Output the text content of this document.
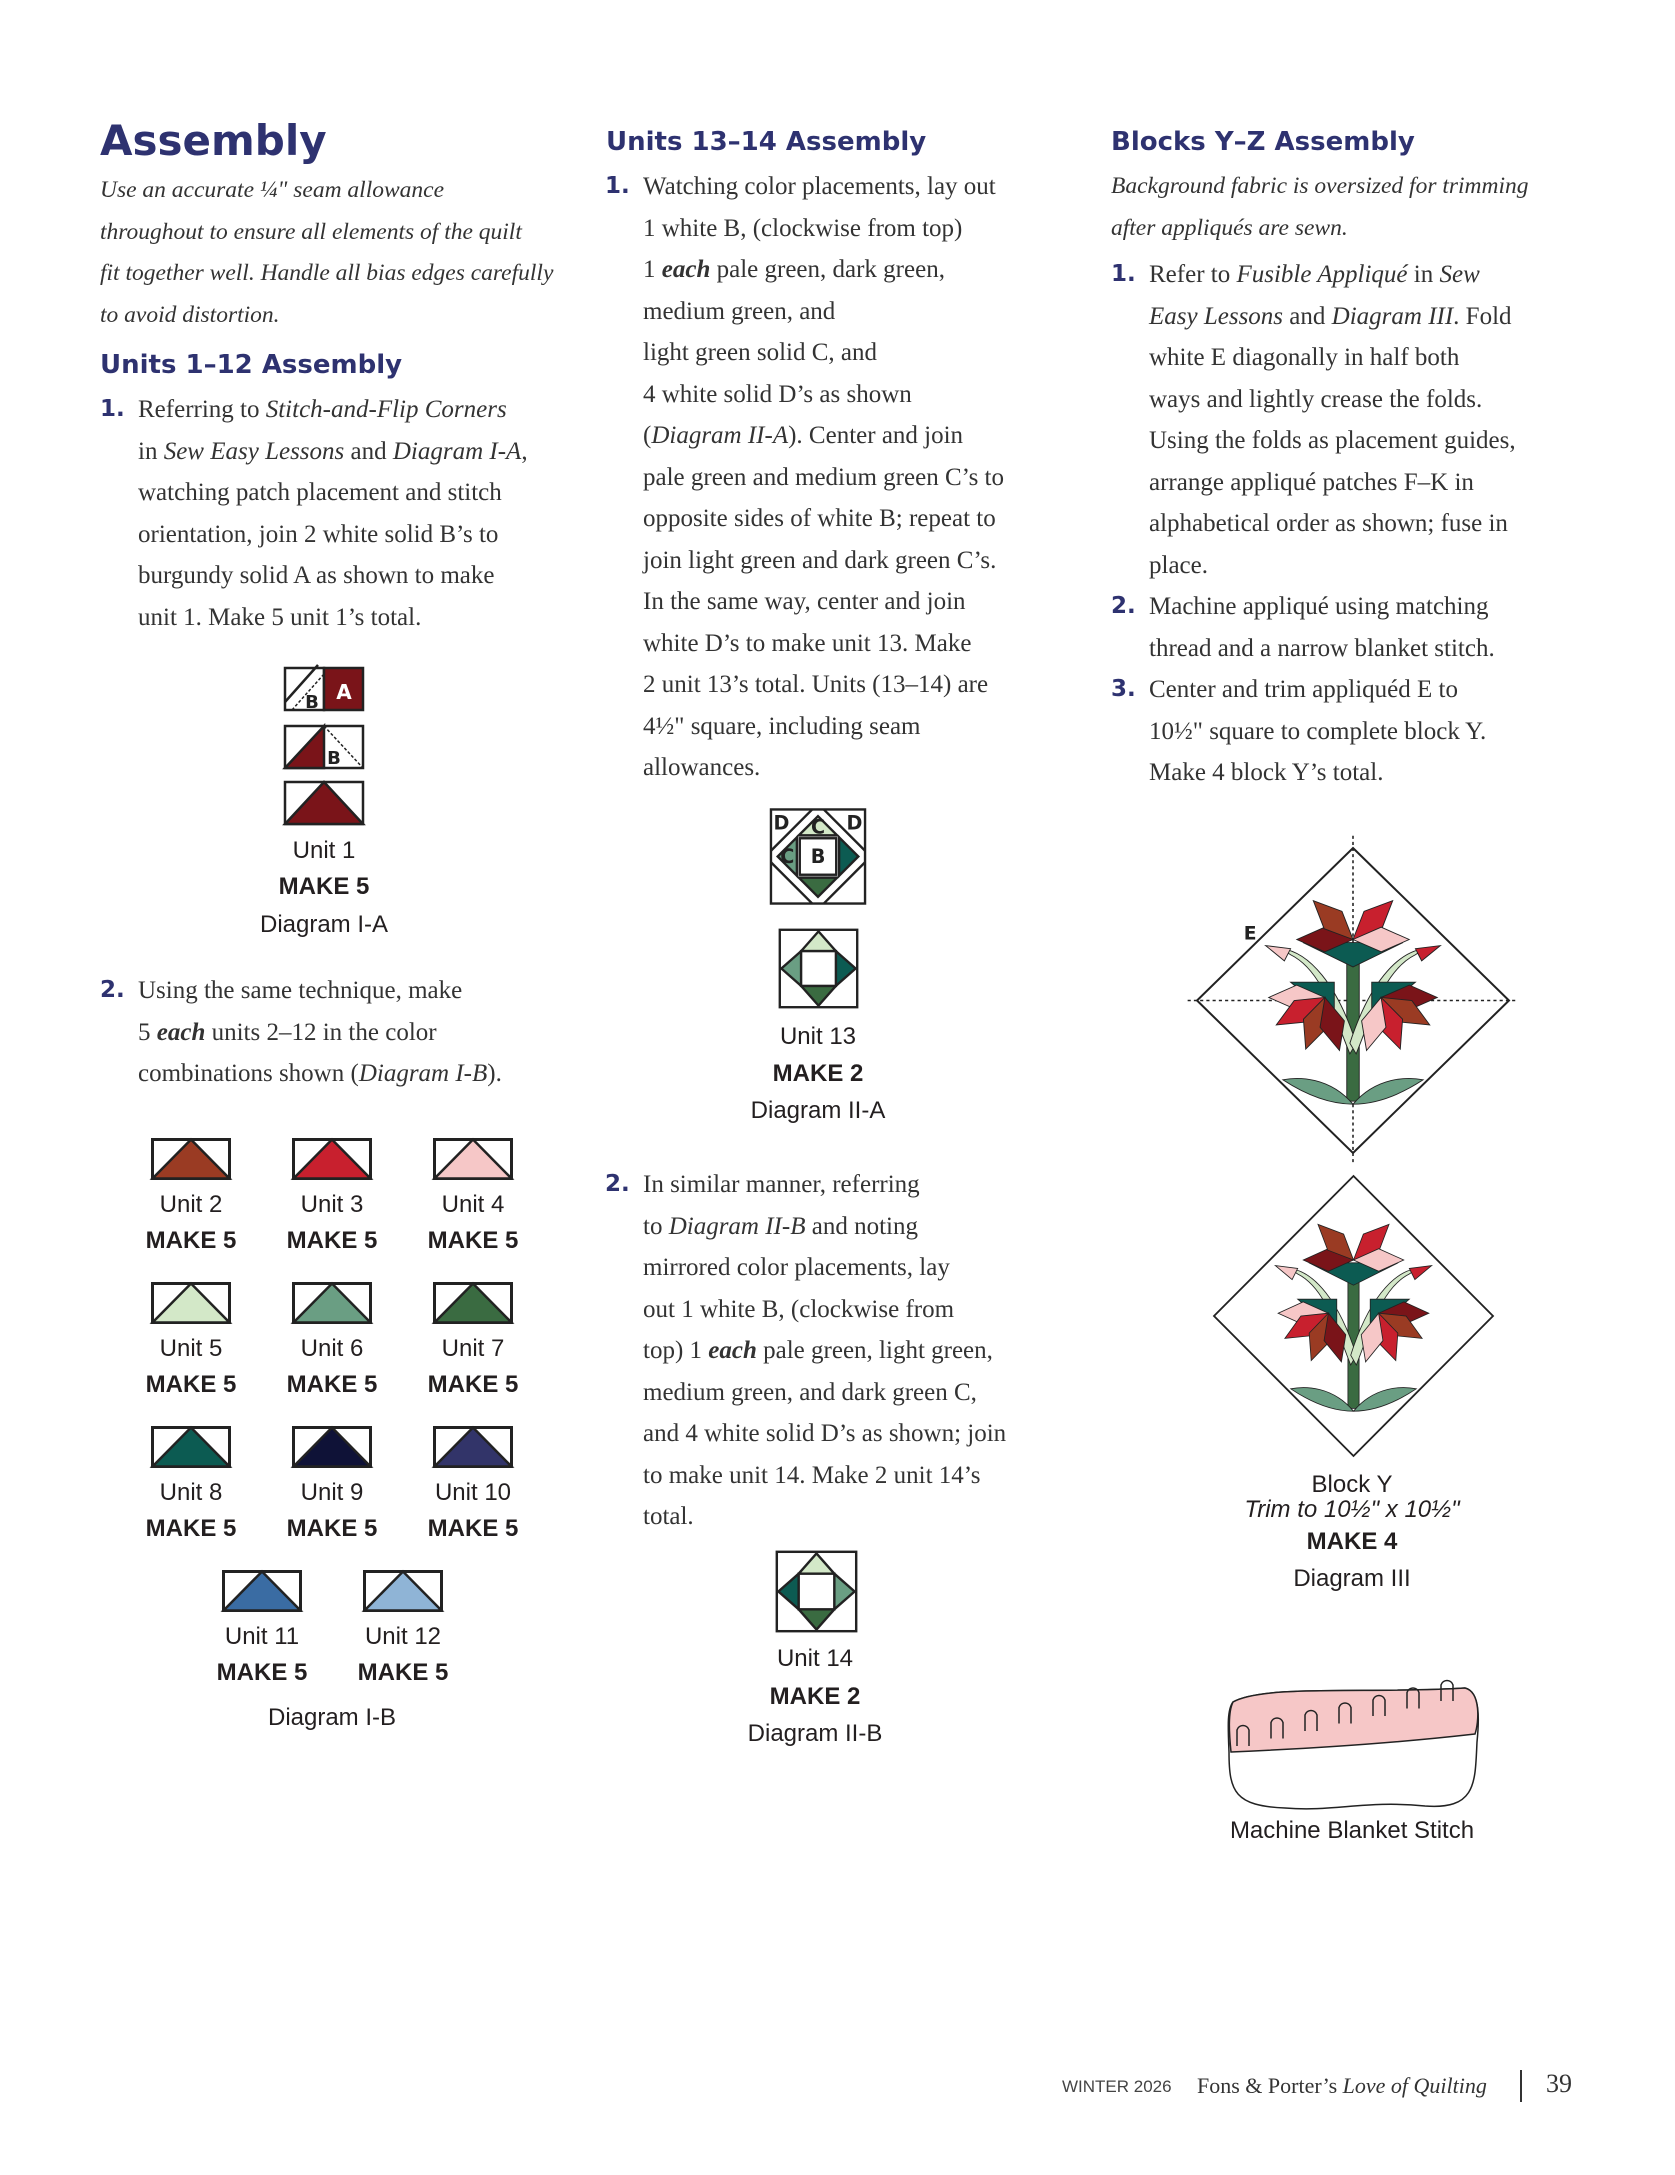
Assembly
Use an accurate ¼" seam allowance
throughout to ensure all elements of the quilt
fit together well. Handle all bias edges carefully
to avoid distortion.
Units 1–12 Assembly
1. Referring to Stitch-and-Flip Corners
in Sew Easy Lessons and Diagram I-A,
watching patch placement and stitch
orientation, join 2 white solid B’s to
burgundy solid A as shown to make
unit 1. Make 5 unit 1’s total.
B A
B
Unit 1
MAKE 5
Diagram I-A
2. Using the same technique, make
5 each units 2–12 in the color
combinations shown (Diagram I-B).
Unit 2
MAKE 5
Unit 3
MAKE 5
Unit 4
MAKE 5
Unit 5
MAKE 5
Unit 6
MAKE 5
Unit 7
MAKE 5
Unit 8
MAKE 5
Unit 9
MAKE 5
Unit 10
MAKE 5
Unit 11
MAKE 5
Unit 12
MAKE 5
Diagram I-B
Units 13–14 Assembly
1. Watching color placements, lay out
1 white B, (clockwise from top)
1 each pale green, dark green,
medium green, and
light green solid C, and
4 white solid D’s as shown
(Diagram II-A). Center and join
pale green and medium green C’s to
opposite sides of white B; repeat to
join light green and dark green C’s.
In the same way, center and join
white D’s to make unit 13. Make
2 unit 13’s total. Units (13–14) are
4½" square, including seam
allowances.
D	D
C
C B
Unit 13
MAKE 2
Diagram II-A
2. In similar manner, referring
to Diagram II-B and noting
mirrored color placements, lay
out 1 white B, (clockwise from
top) 1 each pale green, light green,
medium green, and dark green C,
and 4 white solid D’s as shown; join
to make unit 14. Make 2 unit 14’s
total.
Unit 14
MAKE 2
Diagram II-B
Blocks Y–Z Assembly
Background fabric is oversized for trimming
after appliqués are sewn.
1. Refer to Fusible Appliqué in Sew
Easy Lessons and Diagram III. Fold
white E diagonally in half both
ways and lightly crease the folds.
Using the folds as placement guides,
arrange appliqué patches F–K in
alphabetical order as shown; fuse in
place.
2. Machine appliqué using matching
thread and a narrow blanket stitch.
3. Center and trim appliquéd E to
10½" square to complete block Y.
Make 4 block Y’s total.
E
Block Y
Trim to 10½" x 10½"
MAKE 4
Diagram III
Machine Blanket Stitch
WINTER 2026 Fons & Porter’s Love of Quilting 39
